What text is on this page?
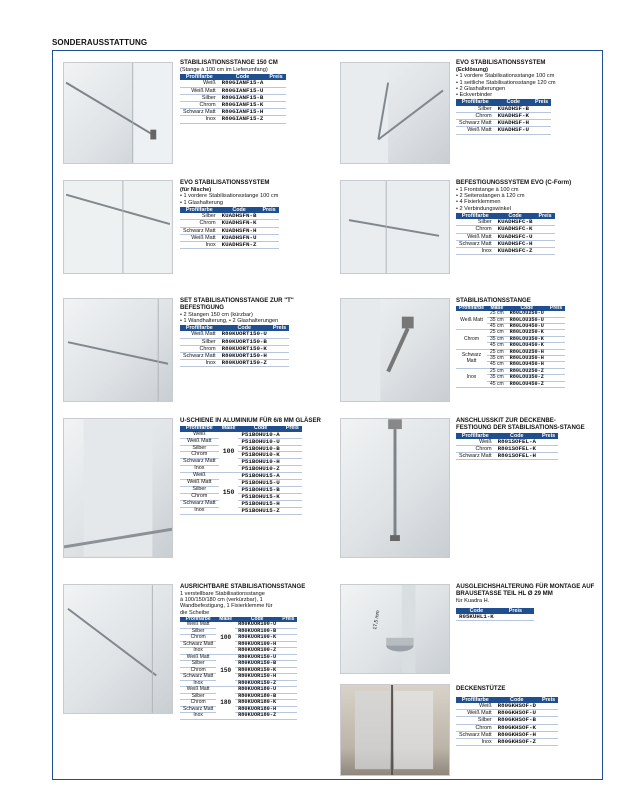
SONDERAUSSTATTUNG
17,5 mm
STABILISATIONSSTANGE 150 CM
(Stange à 100 cm im Lieferumfang)
Profilfarbe	Code	Preis
Weiß	R80GIANF15-A	
Weiß Matt	R80GIANF15-U	
Silber	R80GIANF15-B	
Chrom	R80GIANF15-K	
Schwarz Matt	R80GIANF15-H	
Inox	R80GIANF15-Z	
EVO STABILISATIONSSYSTEM
(Ecklösung)
• 1 vordere Stabilisationsstange 100 cm
• 1 seitliche Stabilisationsstange 120 cm
• 2 Glashalterungen
• Eckverbinder
Profilfarbe	Code	Preis
Silber	KUADHSF-B	
Chrom	KUADHSF-K	
Schwarz Matt	KUADHSF-H	
Weiß Matt	KUADHSF-U	
EVO STABILISATIONSSYSTEM
(für Nische)
• 1 vordere Stabilisationsstange 100 cm
• 1 Glashalterung
Profilfarbe	Code	Preis
Silber	KUADHSFN-B	
Chrom	KUADHSFN-K	
Schwarz Matt	KUADHSFN-H	
Weiß Matt	KUADHSFN-U	
Inox	KUADHSFN-Z	
BEFESTIGUNGSSYSTEM EVO (C-Form)
• 1 Frontstange à 100 cm
• 2 Seitenstangen à 120 cm
• 4 Fixierklemmen
• 2 Verbindungswinkel
Profilfarbe	Code	Preis
Silber	KUADHSFC-B	
Chrom	KUADHSFC-K	
Weiß Matt	KUADHSFC-U	
Schwarz Matt	KUADHSFC-H	
Inox	KUADHSFC-Z	
SET STABILISATIONSSTANGE ZUR "T" BEFESTIGUNG
• 2 Stangen 150 cm (kürzbar)
• 1 Wandhalterung, • 2 Glashalterungen
Profilfarbe	Code	Preis
Weiß Matt	R80KUORT150-U	
Silber	R80KUORT150-B	
Chrom	R80KUORT150-K	
Schwarz Matt	R80KUORT150-H	
Inox	R80KUORT150-Z	
STABILISATIONSSTANGE
Profilfarbe	Maße	Code	Preis
Weiß Matt	25 cm	R80LOU250-U	
	35 cm	R80LOU350-U	
	45 cm	R80LOU450-U	
Chrom	25 cm	R80LOU250-K	
	35 cm	R80LOU350-K	
	45 cm	R80LOU450-K	
Schwarz Matt	25 cm	R80LOU250-H	
	35 cm	R80LOU350-H	
	45 cm	R80LOU450-H	
Inox	25 cm	R80LOU250-Z	
	35 cm	R80LOU350-Z	
	45 cm	R80LOU450-Z	
U-SCHIENE IN ALUMINIUM FÜR 6/8 MM GLÄSER
Profilfarbe	Maße	Code	Preis
Weiß	100	P51BOHU10-A	
Weiß Matt		P51BOHU10-U	
Silber		P51BOHU10-B	
Chrom		P51BOHU10-K	
Schwarz Matt		P51BOHU10-H	
Inox		P51BOHU10-Z	
Weiß	150	P51BOHU15-A	
Weiß Matt		P51BOHU15-U	
Silber		P51BOHU15-B	
Chrom		P51BOHU15-K	
Schwarz Matt		P51BOHU15-H	
Inox		P51BOHU15-Z	
ANSCHLUSSKIT ZUR DECKENBE-FESTIGUNG DER STABILISATIONS-STANGE
Profilfarbe	Code	Preis
Weiß	R801SOFEL-A	
Chrom	R801SOFEL-K	
Schwarz Matt	R801SOFEL-H	
AUSRICHTBARE STABILISATIONSSTANGE
1 verstellbare Stabilisationsstange
à 100/150/180 cm (verkürzbar), 1
Wandbefestigung, 1 Fixierklemme für
die Scheibe
Profilfarbe	Maße	Code	Preis
Weiß Matt	100	R80KUOR100-U	
Silber		R80KUOR100-B	
Chrom		R80KUOR100-K	
Schwarz Matt		R80KUOR100-H	
Inox		R80KUOR100-Z	
Weiß Matt	150	R80KUOR150-U	
Silber		R80KUOR150-B	
Chrom		R80KUOR150-K	
Schwarz Matt		R80KUOR150-H	
Inox		R80KUOR150-Z	
Weiß Matt	180	R80KUOR180-U	
Silber		R80KUOR180-B	
Chrom		R80KUOR180-K	
Schwarz Matt		R80KUOR180-H	
Inox		R80KUOR180-Z	
AUSGLEICHSHALTERUNG FÜR MONTAGE AUF BRAUSETASSE TEIL HL Ø 29 MM
für Kuadra H.
Code	Preis
R05KUHL1-K	
DECKENSTÜTZE
Profilfarbe	Code	Preis
Weiß	R80GKHSOF-D	
Weiß Matt	R80GKHSOF-U	
Silber	R80GKHSOF-B	
Chrom	R80GKHSOF-K	
Schwarz Matt	R80GKHSOF-H	
Inox	R80GKHSOF-Z	
